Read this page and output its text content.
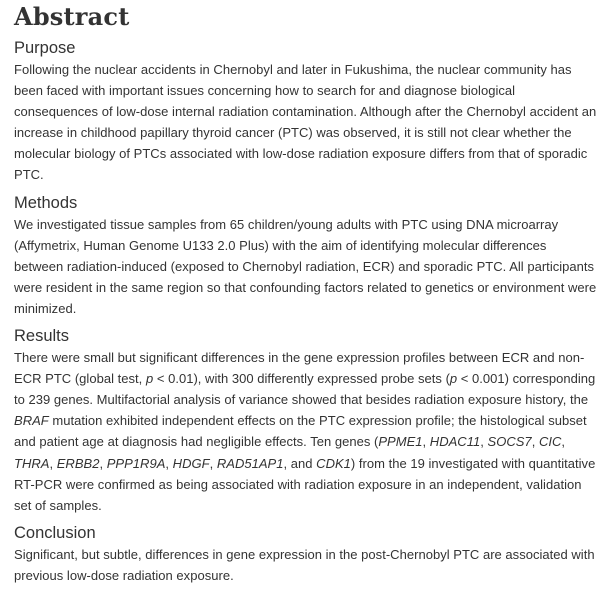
Abstract
Purpose

Following the nuclear accidents in Chernobyl and later in Fukushima, the nuclear community has been faced with important issues concerning how to search for and diagnose biological consequences of low-dose internal radiation contamination. Although after the Chernobyl accident an increase in childhood papillary thyroid cancer (PTC) was observed, it is still not clear whether the molecular biology of PTCs associated with low-dose radiation exposure differs from that of sporadic PTC.

Methods

We investigated tissue samples from 65 children/young adults with PTC using DNA microarray (Affymetrix, Human Genome U133 2.0 Plus) with the aim of identifying molecular differences between radiation-induced (exposed to Chernobyl radiation, ECR) and sporadic PTC. All participants were resident in the same region so that confounding factors related to genetics or environment were minimized.

Results

There were small but significant differences in the gene expression profiles between ECR and non-ECR PTC (global test, p < 0.01), with 300 differently expressed probe sets (p < 0.001) corresponding to 239 genes. Multifactorial analysis of variance showed that besides radiation exposure history, the BRAF mutation exhibited independent effects on the PTC expression profile; the histological subset and patient age at diagnosis had negligible effects. Ten genes (PPME1, HDAC11, SOCS7, CIC, THRA, ERBB2, PPP1R9A, HDGF, RAD51AP1, and CDK1) from the 19 investigated with quantitative RT-PCR were confirmed as being associated with radiation exposure in an independent, validation set of samples.

Conclusion

Significant, but subtle, differences in gene expression in the post-Chernobyl PTC are associated with previous low-dose radiation exposure.
